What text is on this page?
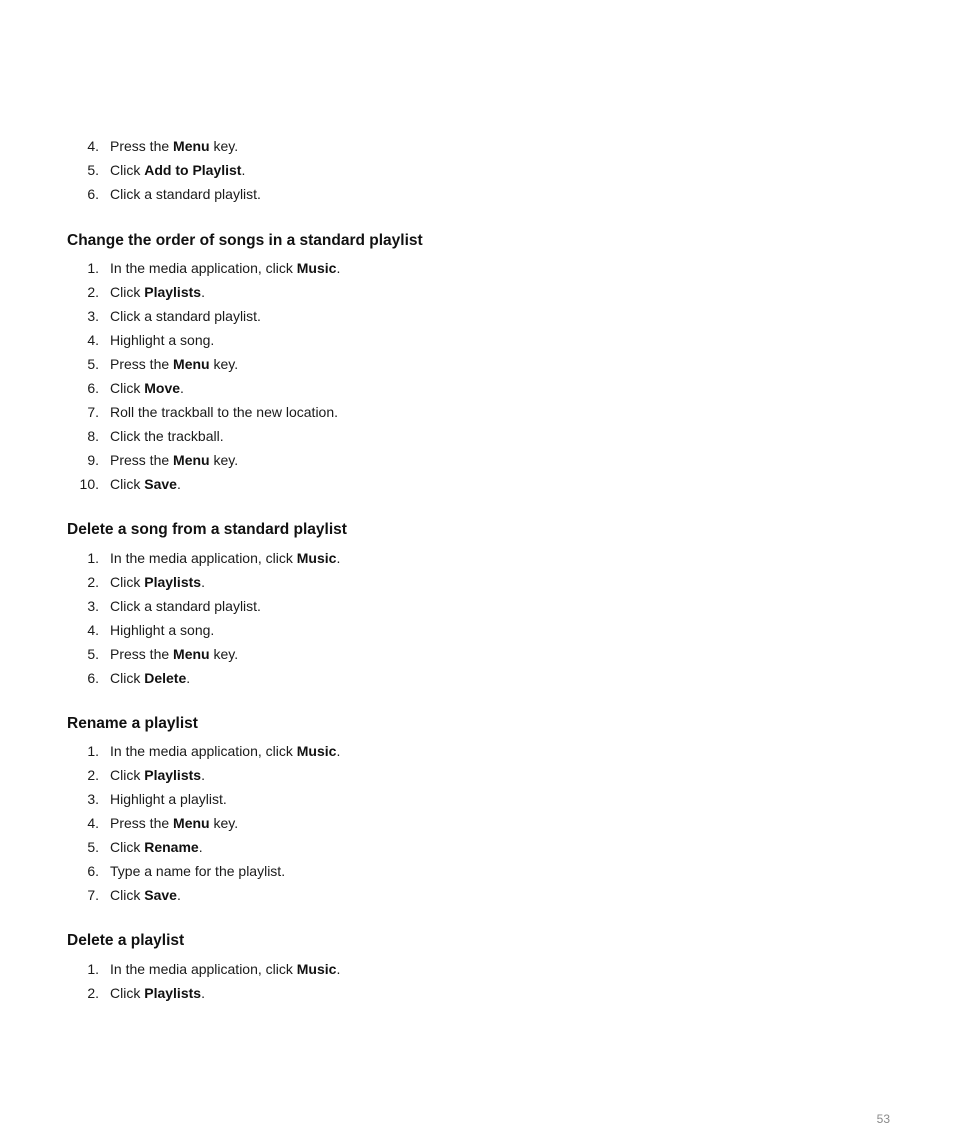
4. Press the Menu key.
5. Click Add to Playlist.
6. Click a standard playlist.
Change the order of songs in a standard playlist
1. In the media application, click Music.
2. Click Playlists.
3. Click a standard playlist.
4. Highlight a song.
5. Press the Menu key.
6. Click Move.
7. Roll the trackball to the new location.
8. Click the trackball.
9. Press the Menu key.
10. Click Save.
Delete a song from a standard playlist
1. In the media application, click Music.
2. Click Playlists.
3. Click a standard playlist.
4. Highlight a song.
5. Press the Menu key.
6. Click Delete.
Rename a playlist
1. In the media application, click Music.
2. Click Playlists.
3. Highlight a playlist.
4. Press the Menu key.
5. Click Rename.
6. Type a name for the playlist.
7. Click Save.
Delete a playlist
1. In the media application, click Music.
2. Click Playlists.
53
